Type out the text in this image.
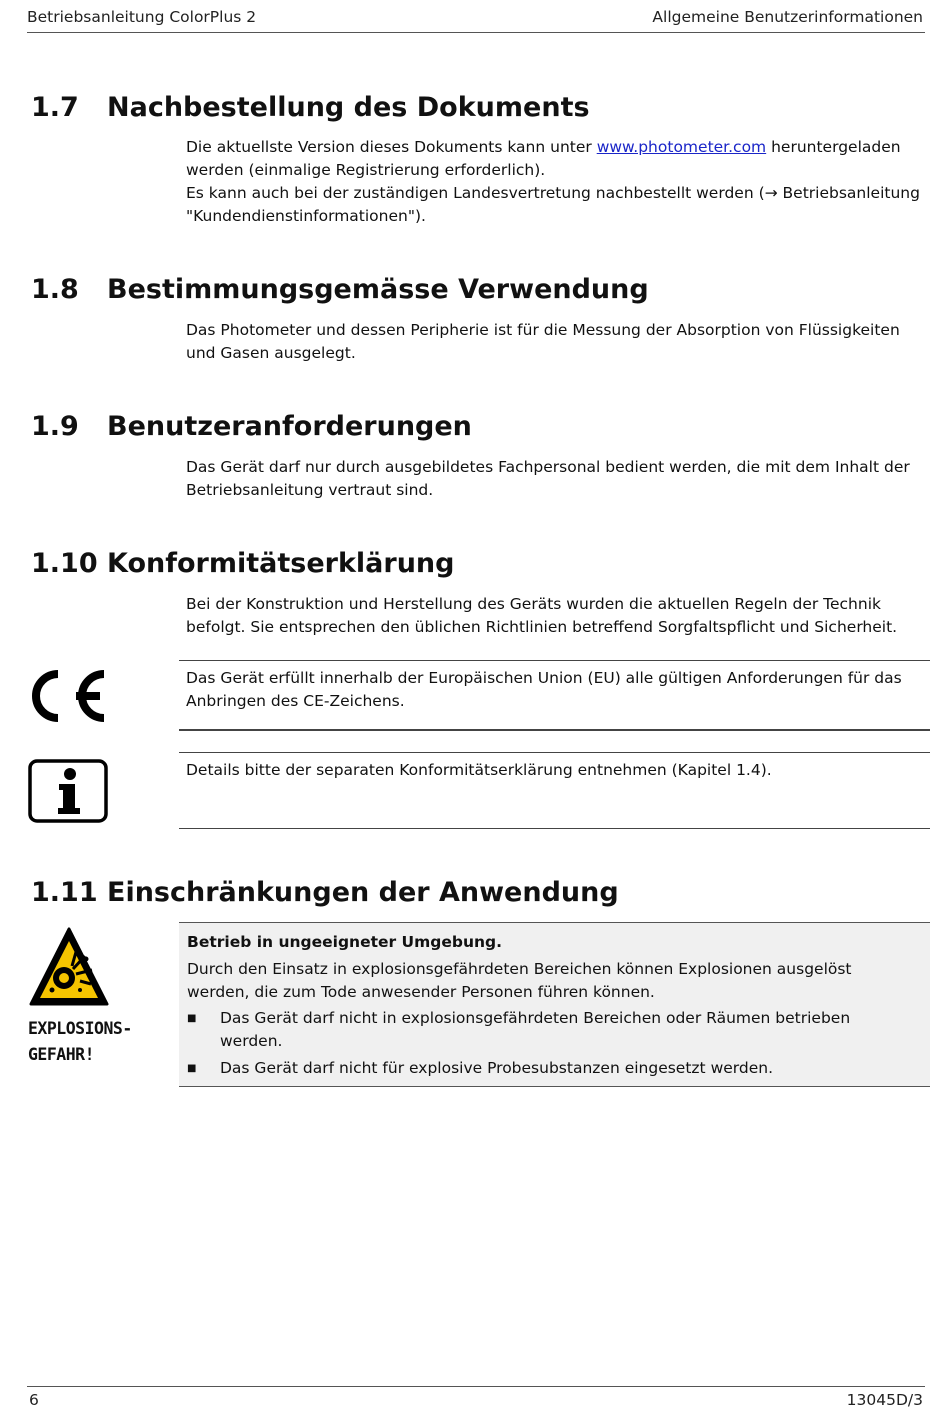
Betriebsanleitung ColorPlus 2	Allgemeine Benutzerinformationen
1.7 Nachbestellung des Dokuments

Die aktuellste Version dieses Dokuments kann unter www.photometer.com heruntergeladen werden (einmalige Registrierung erforderlich).

Es kann auch bei der zuständigen Landesvertretung nachbestellt werden (→ Betriebsanleitung "Kundendienstinformationen").

1.8 Bestimmungsgemässe Verwendung

Das Photometer und dessen Peripherie ist für die Messung der Absorption von Flüssigkeiten und Gasen ausgelegt.

1.9 Benutzeranforderungen

Das Gerät darf nur durch ausgebildetes Fachpersonal bedient werden, die mit dem Inhalt der Betriebsanleitung vertraut sind.

1.10 Konformitätserklärung

Bei der Konstruktion und Herstellung des Geräts wurden die aktuellen Regeln der Technik befolgt. Sie entsprechen den üblichen Richtlinien betreffend Sorgfaltspflicht und Sicherheit.

Das Gerät erfüllt innerhalb der Europäischen Union (EU) alle gültigen Anforderungen für das Anbringen des CE-Zeichens.

Details bitte der separaten Konformitätserklärung entnehmen (Kapitel 1.4).

1.11 Einschränkungen der Anwendung

EXPLOSIONS-
GEFAHR!

Betrieb in ungeeigneter Umgebung.

Durch den Einsatz in explosionsgefährdeten Bereichen können Explosionen ausgelöst werden, die zum Tode anwesender Personen führen können.

■ Das Gerät darf nicht in explosionsgefährdeten Bereichen oder Räumen betrieben werden.
■ Das Gerät darf nicht für explosive Probesubstanzen eingesetzt werden.
6	13045D/3
